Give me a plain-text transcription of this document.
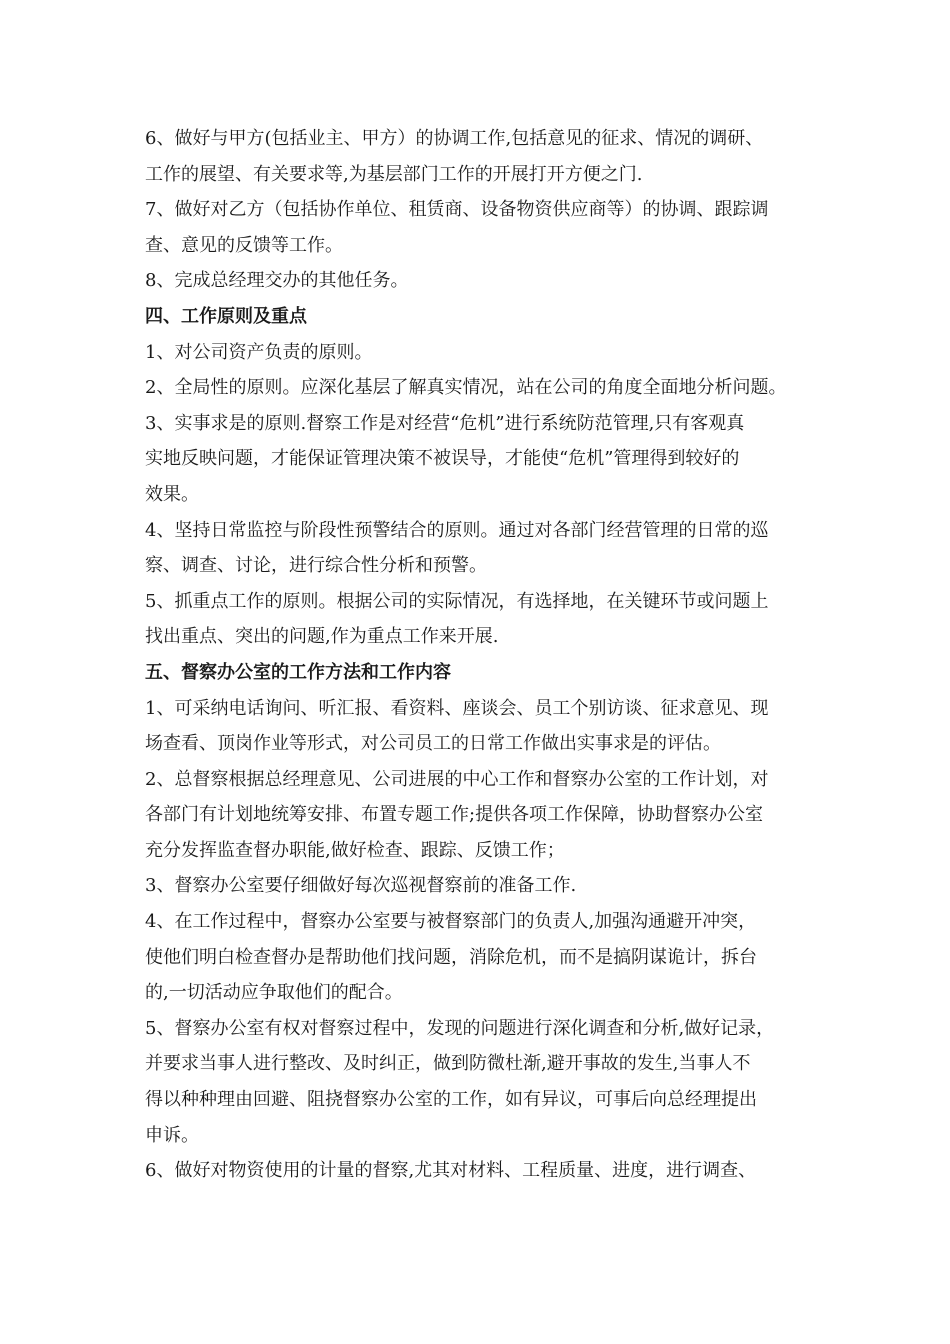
6、做好与甲方(包括业主、甲方）的协调工作,包括意见的征求、情况的调研、
工作的展望、有关要求等,为基层部门工作的开展打开方便之门.
7、做好对乙方（包括协作单位、租赁商、设备物资供应商等）的协调、跟踪调
查、意见的反馈等工作。
8、完成总经理交办的其他任务。
四、工作原则及重点
1、对公司资产负责的原则。
2、全局性的原则。应深化基层了解真实情况，站在公司的角度全面地分析问题。
3、实事求是的原则.督察工作是对经营“危机”进行系统防范管理,只有客观真
实地反映问题，才能保证管理决策不被误导，才能使“危机”管理得到较好的
效果。
4、坚持日常监控与阶段性预警结合的原则。通过对各部门经营管理的日常的巡
察、调查、讨论，进行综合性分析和预警。
5、抓重点工作的原则。根据公司的实际情况，有选择地，在关键环节或问题上
找出重点、突出的问题,作为重点工作来开展.
五、督察办公室的工作方法和工作内容
1、可采纳电话询问、听汇报、看资料、座谈会、员工个别访谈、征求意见、现
场查看、顶岗作业等形式，对公司员工的日常工作做出实事求是的评估。
2、总督察根据总经理意见、公司进展的中心工作和督察办公室的工作计划，对
各部门有计划地统筹安排、布置专题工作;提供各项工作保障，协助督察办公室
充分发挥监查督办职能,做好检查、跟踪、反馈工作；
3、督察办公室要仔细做好每次巡视督察前的准备工作.
4、在工作过程中，督察办公室要与被督察部门的负责人,加强沟通避开冲突，
使他们明白检查督办是帮助他们找问题，消除危机，而不是搞阴谋诡计，拆台
的,一切活动应争取他们的配合。
5、督察办公室有权对督察过程中，发现的问题进行深化调查和分析,做好记录，
并要求当事人进行整改、及时纠正，做到防微杜渐,避开事故的发生,当事人不
得以种种理由回避、阻挠督察办公室的工作，如有异议，可事后向总经理提出
申诉。
6、做好对物资使用的计量的督察,尤其对材料、工程质量、进度，进行调查、
